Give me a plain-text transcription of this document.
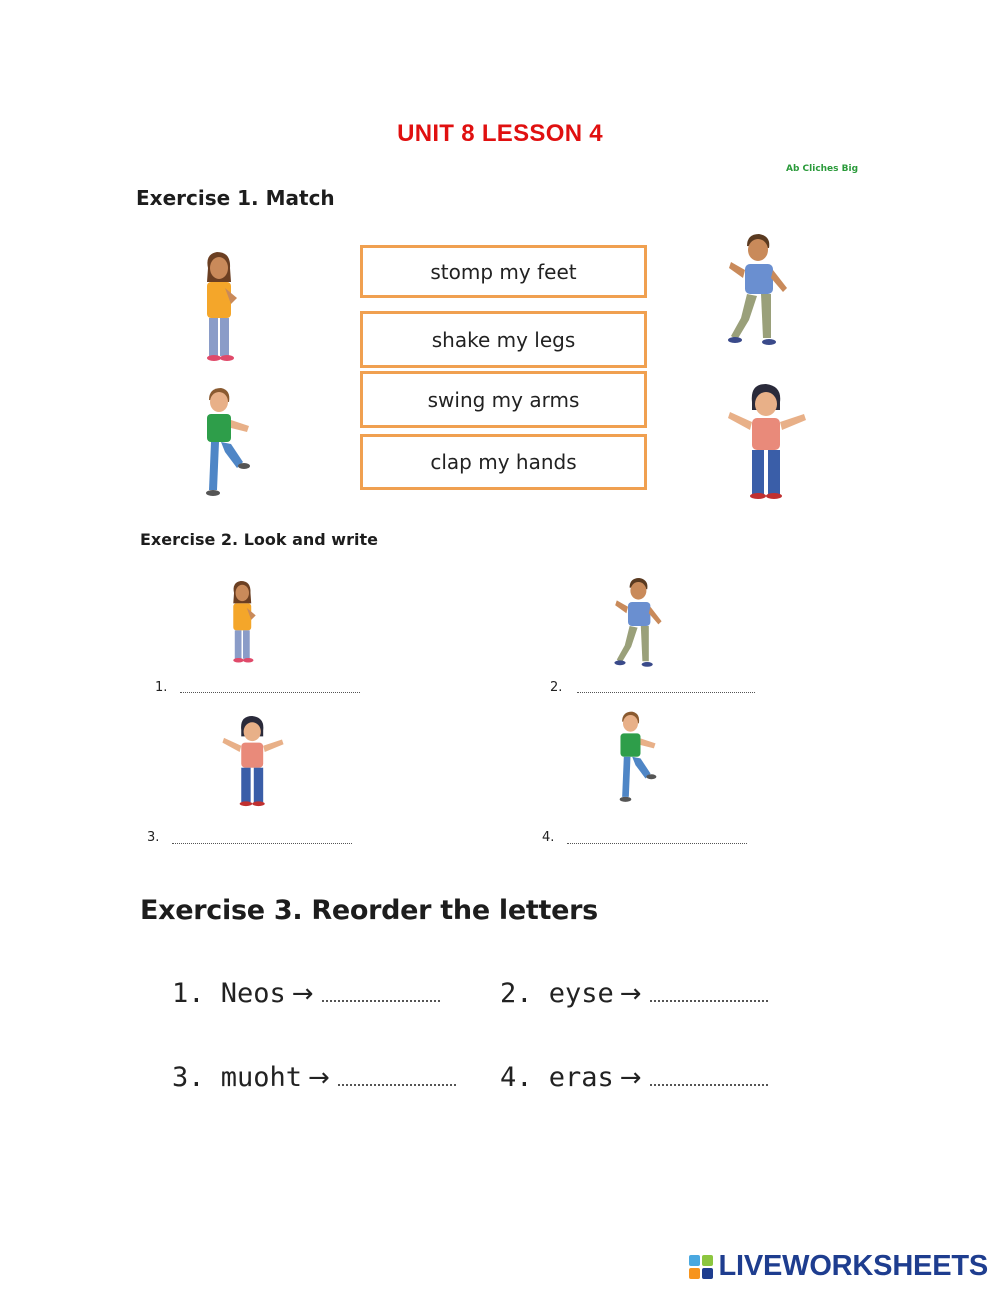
UNIT 8 LESSON 4
Ab Cliches Big
Exercise 1. Match
stomp my feet
shake my legs
swing my arms
clap my hands
Exercise 2. Look and write
1.	2.
3.	4.
Exercise 3. Reorder the letters
1. Neos →	2. eyse →
3. muoht →	4. eras →
LIVEWORKSHEETS
